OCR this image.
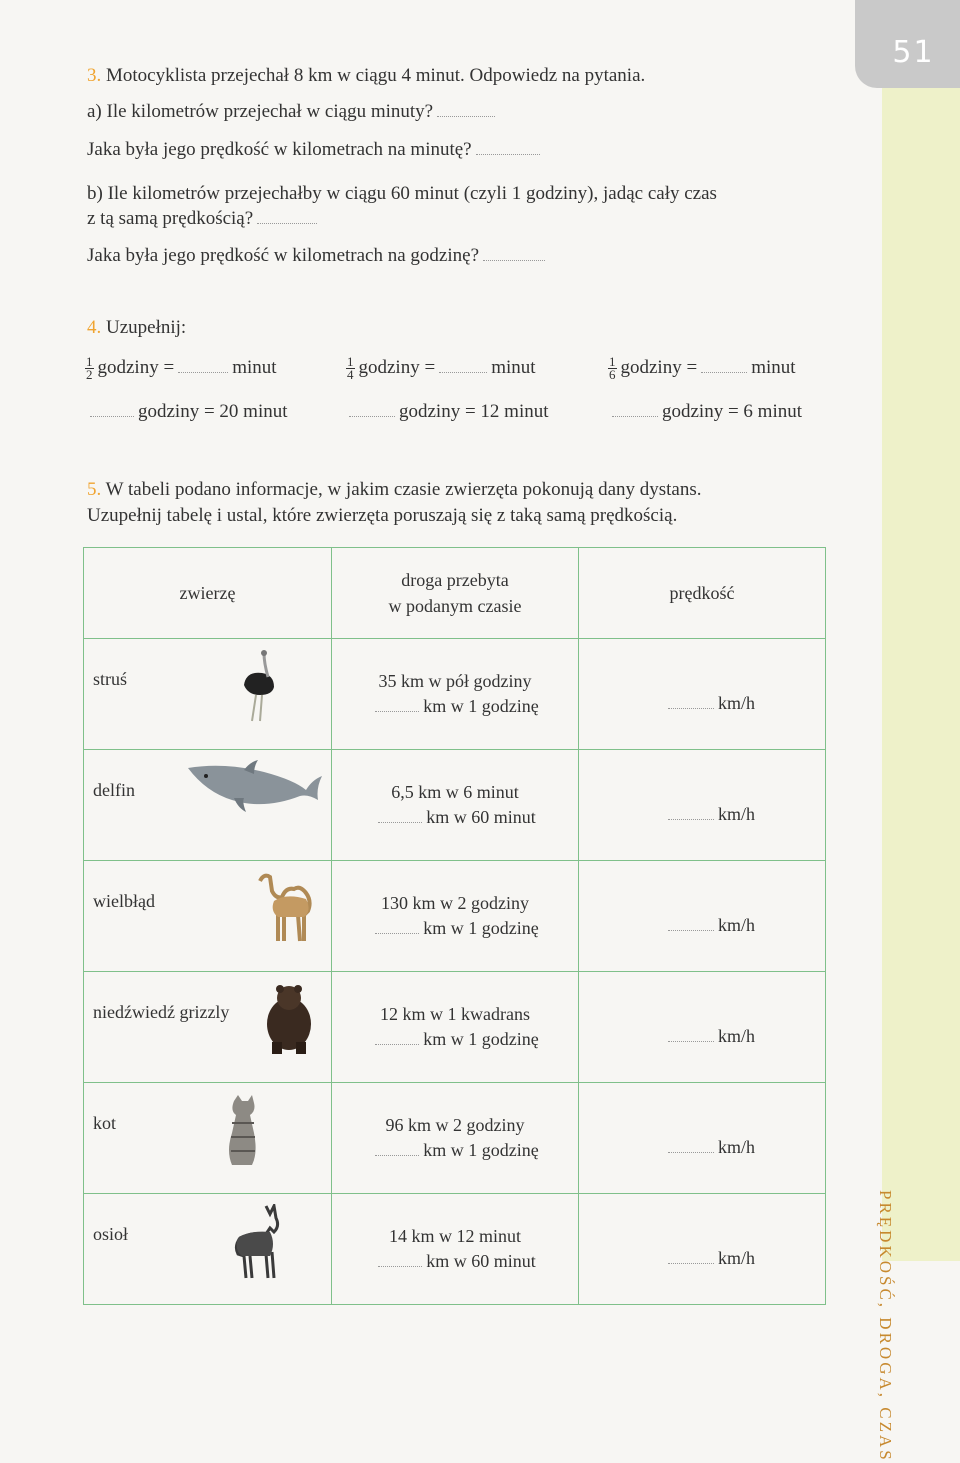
51
PRĘDKOŚĆ, DROGA, CZAS
3. Motocyklista przejechał 8 km w ciągu 4 minut. Odpowiedz na pytania.
a) Ile kilometrów przejechał w ciągu minuty?
Jaka była jego prędkość w kilometrach na minutę?
b) Ile kilometrów przejechałby w ciągu 60 minut (czyli 1 godziny), jadąc cały czas
z tą samą prędkością?
Jaka była jego prędkość w kilometrach na godzinę?
4. Uzupełnij:
$\frac{1}{2}$ godziny =	minut	$\frac{1}{4}$ godziny =	minut	$\frac{1}{6}$ godziny =	minut
godziny = 20 minut	godziny = 12 minut	godziny = 6 minut
5. W tabeli podano informacje, w jakim czasie zwierzęta pokonują dany dystans.
Uzupełnij tabelę i ustal, które zwierzęta poruszają się z taką samą prędkością.
zwierzę	droga przebyta
w podanym czasie	prędkość

struś	35 km w pół godziny
km w 1 godzinę	km/h

delfin	6,5 km w 6 minut
km w 60 minut	km/h

wielbłąd	130 km w 2 godziny
km w 1 godzinę	km/h

niedźwiedź grizzly	12 km w 1 kwadrans
km w 1 godzinę	km/h

kot	96 km w 2 godziny
km w 1 godzinę	km/h

osioł	14 km w 12 minut
km w 60 minut	km/h
